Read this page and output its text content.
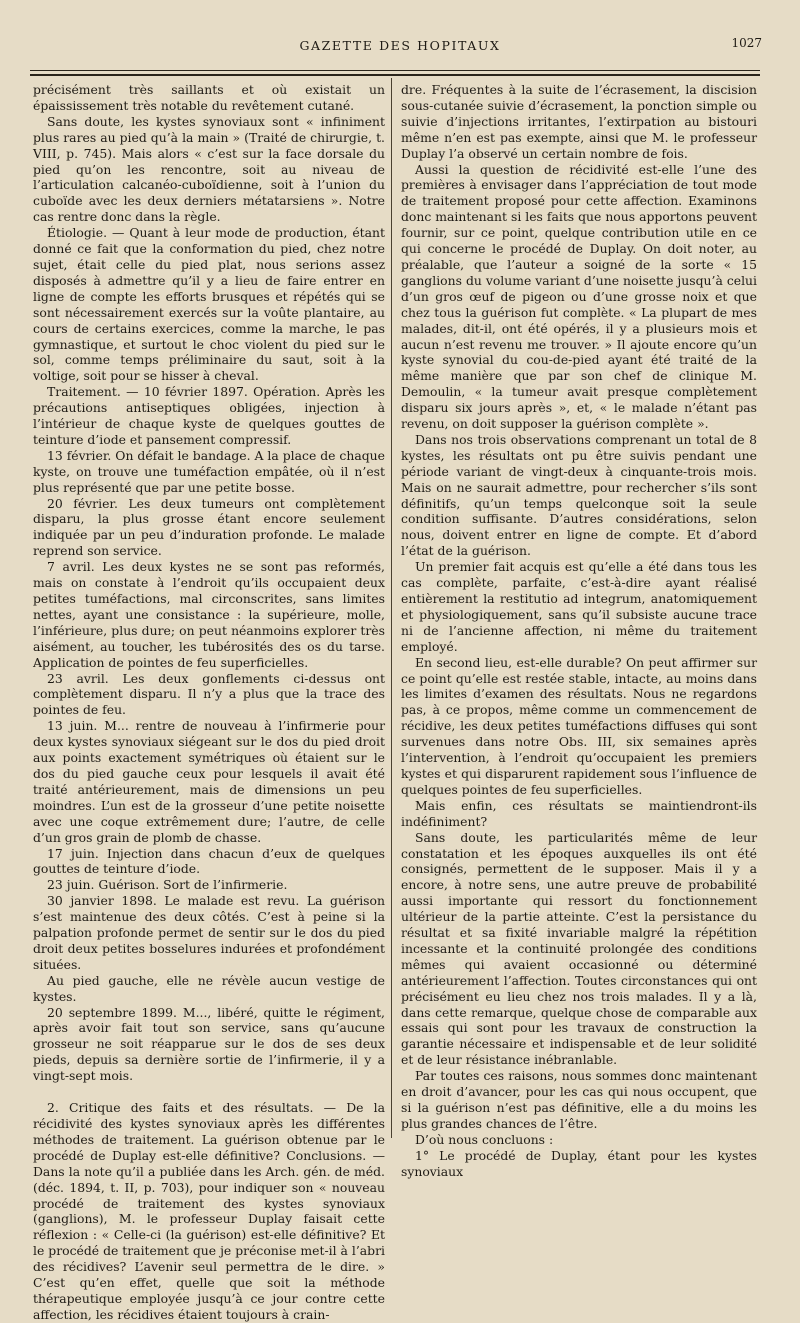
GAZETTE DES HOPITAUX	1027

précisément très saillants et où existait un épaississement très notable du revêtement cutané.

Sans doute, les kystes synoviaux sont « infiniment plus rares au pied qu’à la main » (Traité de chirurgie, t. VIII, p. 745). Mais alors « c’est sur la face dorsale du pied qu’on les rencontre, soit au niveau de l’articulation calcanéo-cuboïdienne, soit à l’union du cuboïde avec les deux derniers métatarsiens ». Notre cas rentre donc dans la règle.

Étiologie. — Quant à leur mode de production, étant donné ce fait que la conformation du pied, chez notre sujet, était celle du pied plat, nous serions assez disposés à admettre qu’il y a lieu de faire entrer en ligne de compte les efforts brusques et répétés qui se sont nécessairement exercés sur la voûte plantaire, au cours de certains exercices, comme la marche, le pas gymnastique, et surtout le choc violent du pied sur le sol, comme temps préliminaire du saut, soit à la voltige, soit pour se hisser à cheval.

Traitement. — 10 février 1897. Opération. Après les précautions antiseptiques obligées, injection à l’intérieur de chaque kyste de quelques gouttes de teinture d’iode et pansement compressif.

13 février. On défait le bandage. A la place de chaque kyste, on trouve une tuméfaction empâtée, où il n’est plus représenté que par une petite bosse.

20 février. Les deux tumeurs ont complètement disparu, la plus grosse étant encore seulement indiquée par un peu d’induration profonde. Le malade reprend son service.

7 avril. Les deux kystes ne se sont pas reformés, mais on constate à l’endroit qu’ils occupaient deux petites tuméfactions, mal circonscrites, sans limites nettes, ayant une consistance : la supérieure, molle, l’inférieure, plus dure; on peut néanmoins explorer très aisément, au toucher, les tubérosités des os du tarse. Application de pointes de feu superficielles.

23 avril. Les deux gonflements ci-dessus ont complètement disparu. Il n’y a plus que la trace des pointes de feu.

13 juin. M... rentre de nouveau à l’infirmerie pour deux kystes synoviaux siégeant sur le dos du pied droit aux points exactement symétriques où étaient sur le dos du pied gauche ceux pour lesquels il avait été traité antérieurement, mais de dimensions un peu moindres. L’un est de la grosseur d’une petite noisette avec une coque extrêmement dure; l’autre, de celle d’un gros grain de plomb de chasse.

17 juin. Injection dans chacun d’eux de quelques gouttes de teinture d’iode.

23 juin. Guérison. Sort de l’infirmerie.

30 janvier 1898. Le malade est revu. La guérison s’est maintenue des deux côtés. C’est à peine si la palpation profonde permet de sentir sur le dos du pied droit deux petites bosselures indurées et profondément situées.

Au pied gauche, elle ne révèle aucun vestige de kystes.

20 septembre 1899. M..., libéré, quitte le régiment, après avoir fait tout son service, sans qu’aucune grosseur ne soit réapparue sur le dos de ses deux pieds, depuis sa dernière sortie de l’infirmerie, il y a vingt-sept mois.

2. Critique des faits et des résultats. — De la récidivité des kystes synoviaux après les différentes méthodes de traitement. La guérison obtenue par le procédé de Duplay est-elle définitive? Conclusions. — Dans la note qu’il a publiée dans les Arch. gén. de méd. (déc. 1894, t. II, p. 703), pour indiquer son « nouveau procédé de traitement des kystes synoviaux (ganglions), M. le professeur Duplay faisait cette réflexion : « Celle-ci (la guérison) est-elle définitive? Et le procédé de traitement que je préconise met-il à l’abri des récidives? L’avenir seul permettra de le dire. » C’est qu’en effet, quelle que soit la méthode thérapeutique employée jusqu’à ce jour contre cette affection, les récidives étaient toujours à crain-

dre. Fréquentes à la suite de l’écrasement, la discision sous-cutanée suivie d’écrasement, la ponction simple ou suivie d’injections irritantes, l’extirpation au bistouri même n’en est pas exempte, ainsi que M. le professeur Duplay l’a observé un certain nombre de fois.

Aussi la question de récidivité est-elle l’une des premières à envisager dans l’appréciation de tout mode de traitement proposé pour cette affection. Examinons donc maintenant si les faits que nous apportons peuvent fournir, sur ce point, quelque contribution utile en ce qui concerne le procédé de Duplay. On doit noter, au préalable, que l’auteur a soigné de la sorte « 15 ganglions du volume variant d’une noisette jusqu’à celui d’un gros œuf de pigeon ou d’une grosse noix et que chez tous la guérison fut complète. « La plupart de mes malades, dit-il, ont été opérés, il y a plusieurs mois et aucun n’est revenu me trouver. » Il ajoute encore qu’un kyste synovial du cou-de-pied ayant été traité de la même manière que par son chef de clinique M. Demoulin, « la tumeur avait presque complètement disparu six jours après », et, « le malade n’étant pas revenu, on doit supposer la guérison complète ».

Dans nos trois observations comprenant un total de 8 kystes, les résultats ont pu être suivis pendant une période variant de vingt-deux à cinquante-trois mois. Mais on ne saurait admettre, pour rechercher s’ils sont définitifs, qu’un temps quelconque soit la seule condition suffisante. D’autres considérations, selon nous, doivent entrer en ligne de compte. Et d’abord l’état de la guérison.

Un premier fait acquis est qu’elle a été dans tous les cas complète, parfaite, c’est-à-dire ayant réalisé entièrement la restitutio ad integrum, anatomiquement et physiologiquement, sans qu’il subsiste aucune trace ni de l’ancienne affection, ni même du traitement employé.

En second lieu, est-elle durable? On peut affirmer sur ce point qu’elle est restée stable, intacte, au moins dans les limites d’examen des résultats. Nous ne regardons pas, à ce propos, même comme un commencement de récidive, les deux petites tuméfactions diffuses qui sont survenues dans notre Obs. III, six semaines après l’intervention, à l’endroit qu’occupaient les premiers kystes et qui disparurent rapidement sous l’influence de quelques pointes de feu superficielles.

Mais enfin, ces résultats se maintiendront-ils indéfiniment?

Sans doute, les particularités même de leur constatation et les époques auxquelles ils ont été consignés, permettent de le supposer. Mais il y a encore, à notre sens, une autre preuve de probabilité aussi importante qui ressort du fonctionnement ultérieur de la partie atteinte. C’est la persistance du résultat et sa fixité invariable malgré la répétition incessante et la continuité prolongée des conditions mêmes qui avaient occasionné ou déterminé antérieurement l’affection. Toutes circonstances qui ont précisément eu lieu chez nos trois malades. Il y a là, dans cette remarque, quelque chose de comparable aux essais qui sont pour les travaux de construction la garantie nécessaire et indispensable et de leur solidité et de leur résistance inébranlable.

Par toutes ces raisons, nous sommes donc maintenant en droit d’avancer, pour les cas qui nous occupent, que si la guérison n’est pas définitive, elle a du moins les plus grandes chances de l’être.

D’où nous concluons :

1° Le procédé de Duplay, étant pour les kystes synoviaux
